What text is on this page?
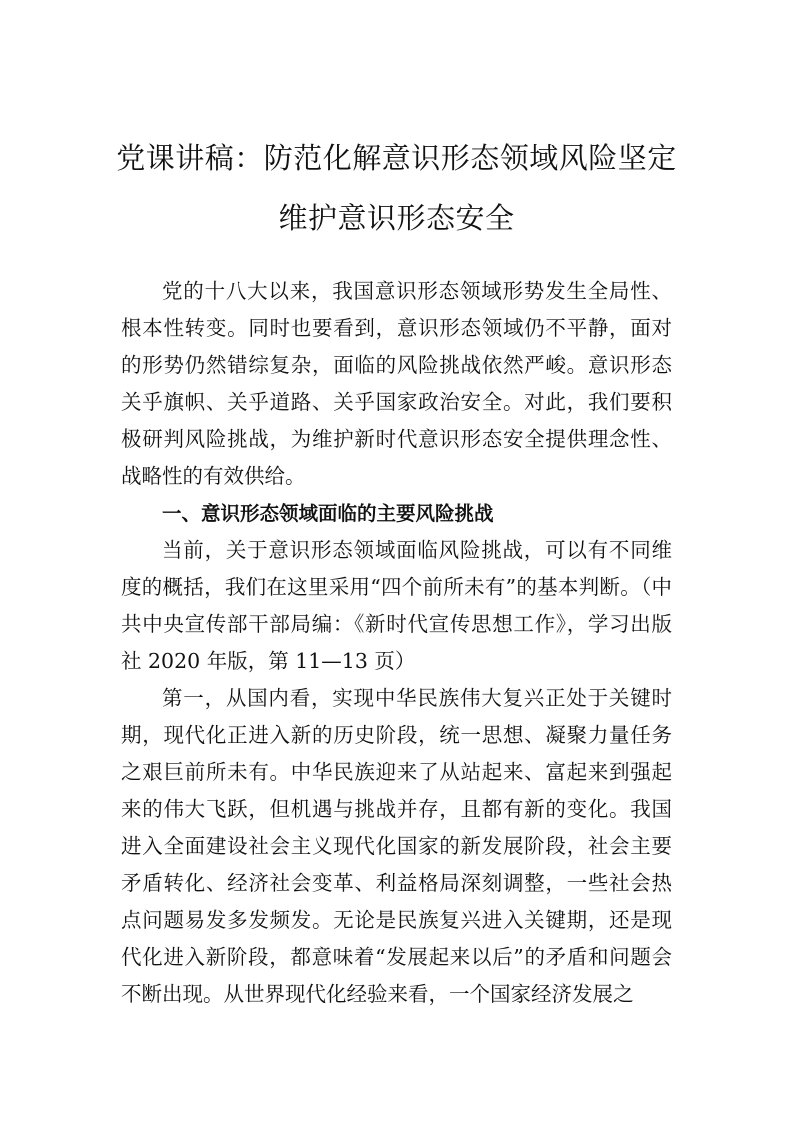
党课讲稿：防范化解意识形态领域风险坚定
维护意识形态安全

党的十八大以来，我国意识形态领域形势发生全局性、根本性转变。同时也要看到，意识形态领域仍不平静，面对的形势仍然错综复杂，面临的风险挑战依然严峻。意识形态关乎旗帜、关乎道路、关乎国家政治安全。对此，我们要积极研判风险挑战，为维护新时代意识形态安全提供理念性、战略性的有效供给。

一、意识形态领域面临的主要风险挑战

当前，关于意识形态领域面临风险挑战，可以有不同维度的概括，我们在这里采用“四个前所未有”的基本判断。（中共中央宣传部干部局编：《新时代宣传思想工作》，学习出版社 2020 年版，第 11—13 页）

第一，从国内看，实现中华民族伟大复兴正处于关键时期，现代化正进入新的历史阶段，统一思想、凝聚力量任务之艰巨前所未有。中华民族迎来了从站起来、富起来到强起来的伟大飞跃，但机遇与挑战并存，且都有新的变化。我国进入全面建设社会主义现代化国家的新发展阶段，社会主要矛盾转化、经济社会变革、利益格局深刻调整，一些社会热点问题易发多发频发。无论是民族复兴进入关键期，还是现代化进入新阶段，都意味着“发展起来以后”的矛盾和问题会不断出现。从世界现代化经验来看，一个国家经济发展之
